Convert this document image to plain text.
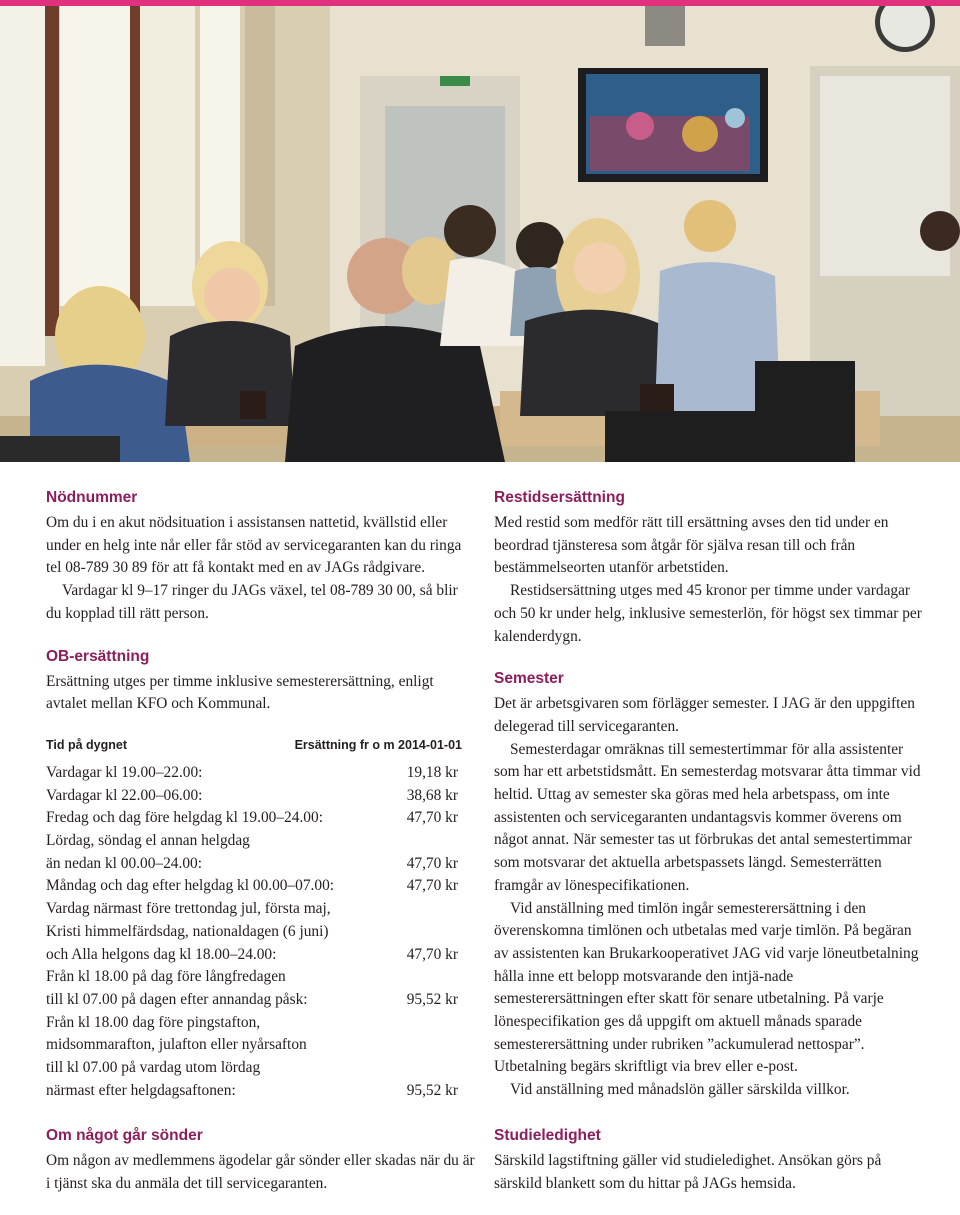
Nödnummer

Om du i en akut nödsituation i assistansen nattetid, kvällstid eller under en helg inte når eller får stöd av servicegaranten kan du ringa tel 08-789 30 89 för att få kontakt med en av JAGs rådgivare.

Vardagar kl 9–17 ringer du JAGs växel, tel 08-789 30 00, så blir du kopplad till rätt person.

OB-ersättning

Ersättning utges per timme inklusive semesterersättning, enligt avtalet mellan KFO och Kommunal.

Tid på dygnet	Ersättning fr o m 2014-01-01
Vardagar kl 19.00–22.00:	19,18 kr
Vardagar kl 22.00–06.00:	38,68 kr
Fredag och dag före helgdag kl 19.00–24.00:	47,70 kr
Lördag, söndag el annan helgdag
än nedan kl 00.00–24.00:	47,70 kr
Måndag och dag efter helgdag kl 00.00–07.00:	47,70 kr
Vardag närmast före trettondag jul, första maj,
Kristi himmelfärdsdag, nationaldagen (6 juni)
och Alla helgons dag kl 18.00–24.00:	47,70 kr
Från kl 18.00 på dag före långfredagen
till kl 07.00 på dagen efter annandag påsk:	95,52 kr
Från kl 18.00 dag före pingstafton,
midsommarafton, julafton eller nyårsafton
till kl 07.00 på vardag utom lördag
närmast efter helgdagsaftonen:	95,52 kr
Om något går sönder

Om någon av medlemmens ägodelar går sönder eller skadas när du är i tjänst ska du anmäla det till servicegaranten.

Restidsersättning

Med restid som medför rätt till ersättning avses den tid under en beordrad tjänsteresa som åtgår för själva resan till och från bestämmelseorten utanför arbetstiden.

Restidsersättning utges med 45 kronor per timme under vardagar och 50 kr under helg, inklusive semesterlön, för högst sex timmar per kalenderdygn.

Semester

Det är arbetsgivaren som förlägger semester. I JAG är den uppgiften delegerad till servicegaranten.

Semesterdagar omräknas till semestertimmar för alla assistenter som har ett arbetstidsmått. En semesterdag motsvarar åtta timmar vid heltid. Uttag av semester ska göras med hela arbetspass, om inte assistenten och servicegaranten undantagsvis kommer överens om något annat. När semester tas ut förbrukas det antal semestertimmar som motsvarar det aktuella arbetspassets längd. Semesterrätten framgår av lönespecifikationen.

Vid anställning med timlön ingår semesterersättning i den överenskomna timlönen och utbetalas med varje timlön. På begäran av assistenten kan Brukarkooperativet JAG vid varje löneutbetalning hålla inne ett belopp motsvarande den intjä-nade semesterersättningen efter skatt för senare utbetalning. På varje lönespecifikation ges då uppgift om aktuell månads sparade semesterersättning under rubriken ”ackumulerad nettospar”. Utbetalning begärs skriftligt via brev eller e-post.

Vid anställning med månadslön gäller särskilda villkor.

Studieledighet

Särskild lagstiftning gäller vid studieledighet. Ansökan görs på särskild blankett som du hittar på JAGs hemsida.
